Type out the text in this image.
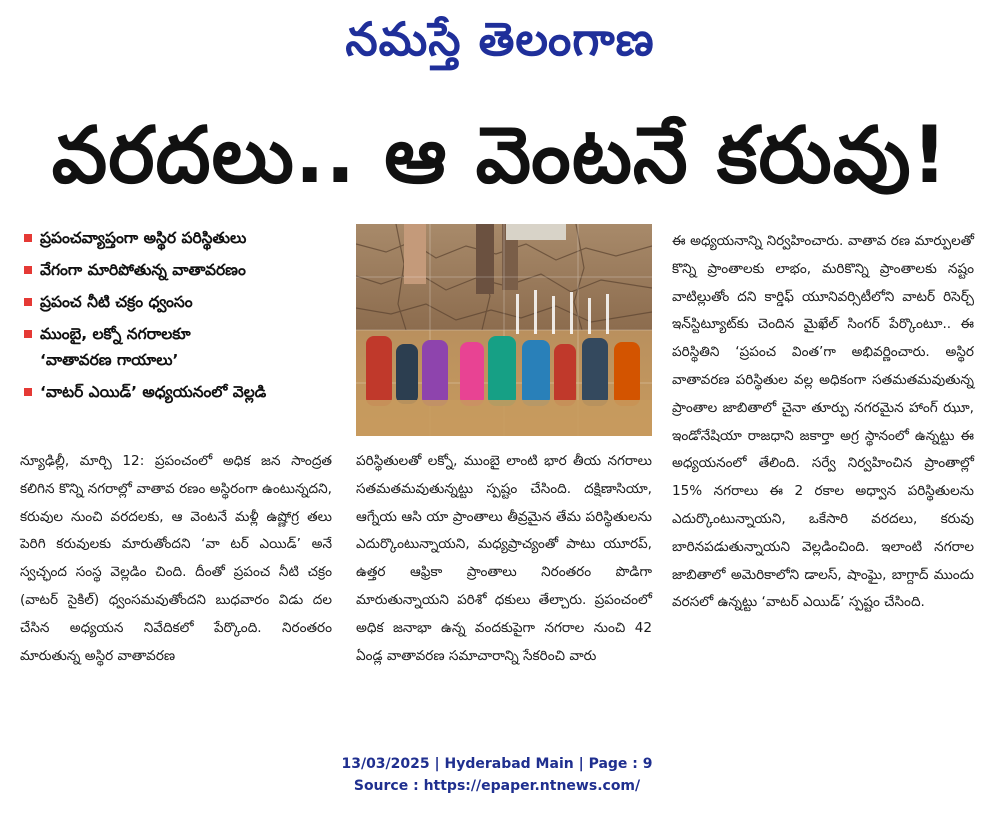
నమస్తే తెలంగాణ
వరదలు.. ఆ వెంటనే కరువు!
ప్రపంచవ్యాప్తంగా అస్థిర పరిస్థితులు
వేగంగా మారిపోతున్న వాతావరణం
ప్రపంచ నీటి చక్రం ధ్వంసం
ముంబై, లక్నో నగరాలకూ
‘వాతావరణ గాయాలు’
‘వాటర్ ఎయిడ్’ అధ్యయనంలో వెల్లడి

న్యూఢిల్లీ, మార్చి 12: ప్రపంచంలో అధిక జన సాంద్రత కలిగిన కొన్ని నగరాల్లో వాతావ రణం అస్థిరంగా ఉంటున్నదని, కరువుల నుంచి వరదలకు, ఆ వెంటనే మళ్లీ ఉష్ణోగ్ర తలు పెరిగి కరువులకు మారుతోందని ‘వా టర్ ఎయిడ్’ అనే స్వచ్ఛంద సంస్థ వెల్లడిం చింది. దీంతో ప్రపంచ నీటి చక్రం (వాటర్ సైకిల్) ధ్వంసమవుతోందని బుధవారం విడు దల చేసిన అధ్యయన నివేదికలో పేర్కొంది. నిరంతరం మారుతున్న అస్థిర వాతావరణ

పరిస్థితులతో లక్నో, ముంబై లాంటి భార తీయ నగరాలు సతమతమవుతున్నట్టు స్పష్టం చేసింది. దక్షిణాసియా, ఆగ్నేయ ఆసి యా ప్రాంతాలు తీవ్రమైన తేమ పరిస్థితులను ఎదుర్కొంటున్నాయని, మధ్యప్రాచ్యంతో పాటు యూరప్, ఉత్తర ఆఫ్రికా ప్రాంతాలు నిరంతరం పొడిగా మారుతున్నాయని పరిశో ధకులు తేల్చారు. ప్రపంచంలో అధిక జనాభా ఉన్న వందకుపైగా నగరాల నుంచి 42 ఏండ్ల వాతావరణ సమాచారాన్ని సేకరించి వారు

ఈ అధ్యయనాన్ని నిర్వహించారు. వాతావ రణ మార్పులతో కొన్ని ప్రాంతాలకు లాభం, మరికొన్ని ప్రాంతాలకు నష్టం వాటిల్లుతోం దని కార్డిఫ్ యూనివర్సిటీలోని వాటర్ రిసెర్చ్ ఇన్‌స్టిట్యూట్‌కు చెందిన మైఖేల్ సింగర్ పేర్కొంటూ.. ఈ పరిస్థితిని ‘ప్రపంచ వింత’గా అభివర్ణించారు. అస్థిర వాతావరణ పరిస్థితుల వల్ల అధికంగా సతమతమవుతున్న ప్రాంతాల జాబితాలో చైనా తూర్పు నగరమైన హాంగ్ ఝూ, ఇండోనేషియా రాజధాని జకార్తా అగ్ర స్థానంలో ఉన్నట్టు ఈ అధ్యయనంలో తేలింది. సర్వే నిర్వహించిన ప్రాంతాల్లో 15% నగరాలు ఈ 2 రకాల అధ్వాన పరిస్థితులను ఎదుర్కొంటున్నాయని, ఒకేసారి వరదలు, కరువు బారినపడుతున్నాయని వెల్లడించింది. ఇలాంటి నగరాల జాబితాలో అమెరికాలోని డాలస్, షాంఘై, బాగ్దాద్ ముందు వరసలో ఉన్నట్టు ‘వాటర్ ఎయిడ్’ స్పష్టం చేసింది.

13/03/2025 | Hyderabad Main | Page : 9
Source : https://epaper.ntnews.com/
